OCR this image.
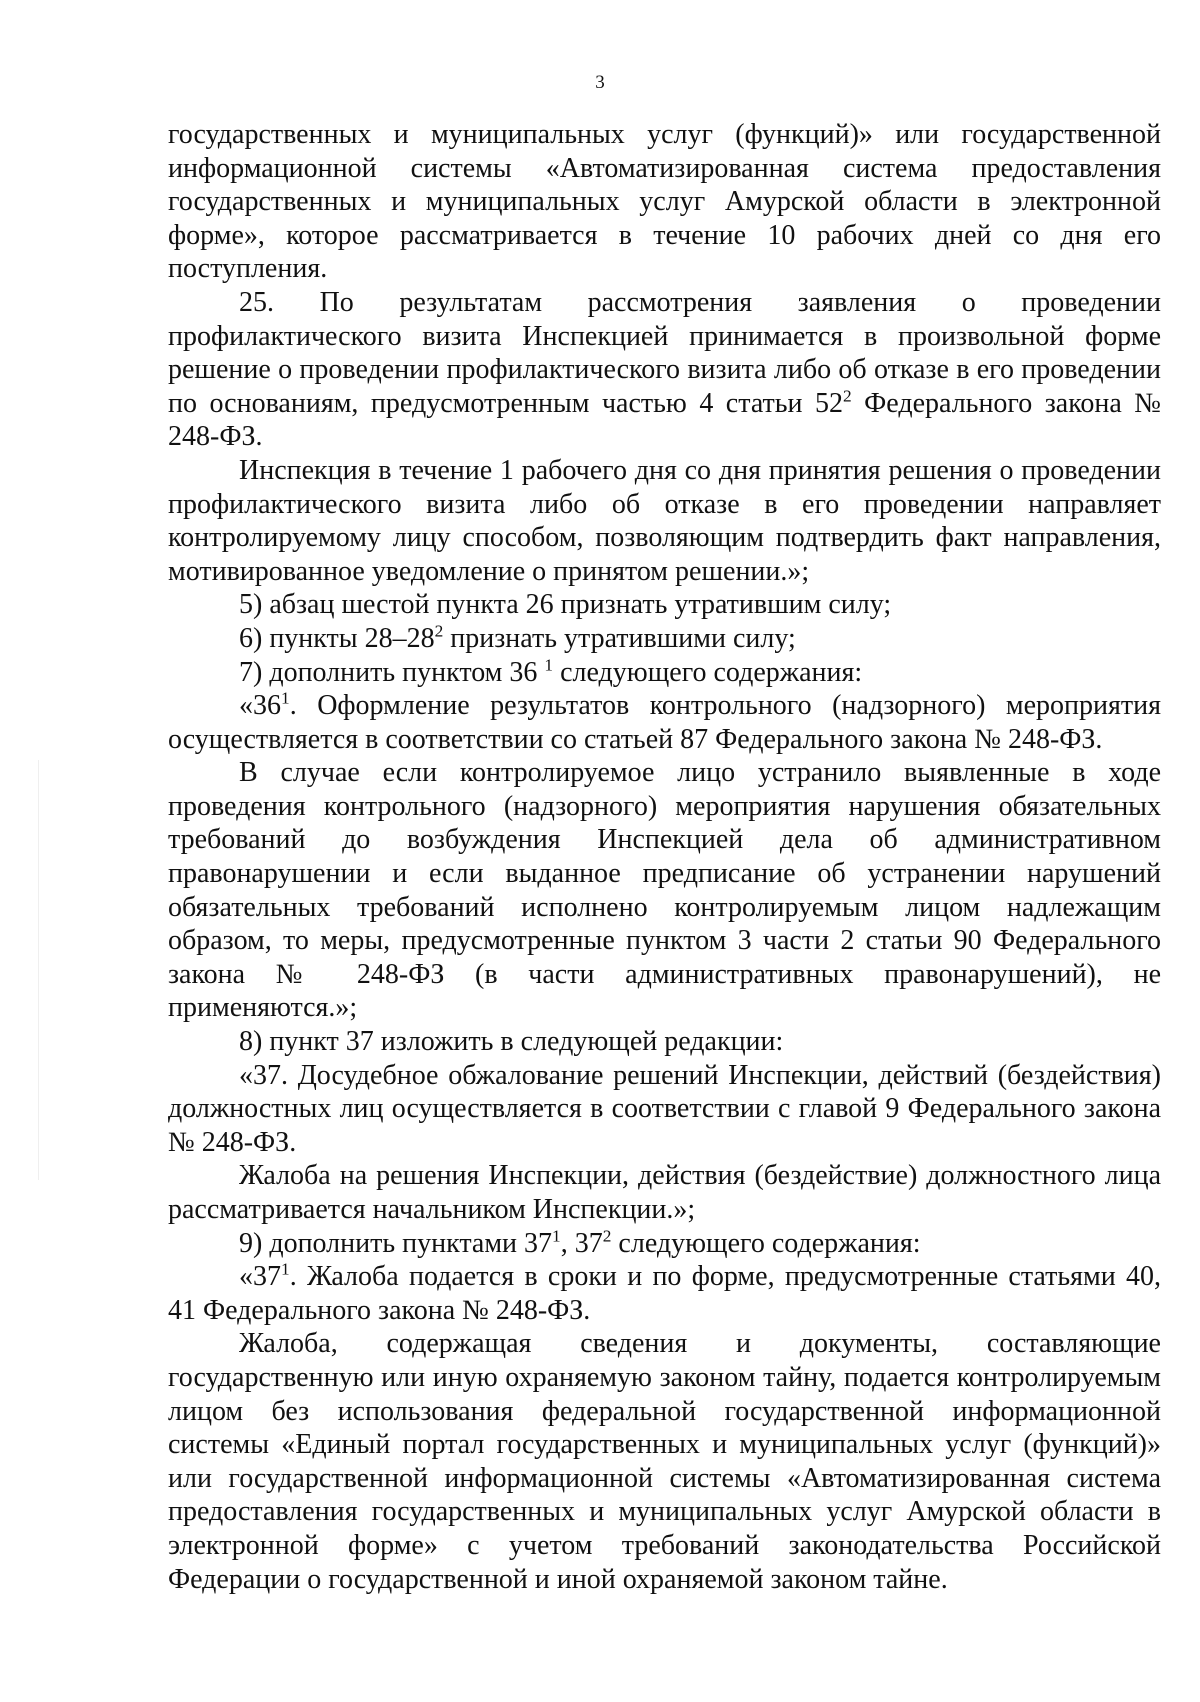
3

государственных и муниципальных услуг (функций)» или государственной информационной системы «Автоматизированная система предоставления государственных и муниципальных услуг Амурской области в электронной форме», которое рассматривается в течение 10 рабочих дней со дня его поступления.

25. По результатам рассмотрения заявления о проведении профилактического визита Инспекцией принимается в произвольной форме решение о проведении профилактического визита либо об отказе в его проведении по основаниям, предусмотренным частью 4 статьи $52^2$ Федерального закона № 248-ФЗ.

Инспекция в течение 1 рабочего дня со дня принятия решения о проведении профилактического визита либо об отказе в его проведении направляет контролируемому лицу способом, позволяющим подтвердить факт направления, мотивированное уведомление о принятом решении.»;

5) абзац шестой пункта 26 признать утратившим силу;

6) пункты $28-28^2$ признать утратившими силу;

7) дополнить пунктом 36 $^1$ следующего содержания:

«$36^1$. Оформление результатов контрольного (надзорного) мероприятия осуществляется в соответствии со статьей 87 Федерального закона № 248-ФЗ.

В случае если контролируемое лицо устранило выявленные в ходе проведения контрольного (надзорного) мероприятия нарушения обязательных требований до возбуждения Инспекцией дела об административном правонарушении и если выданное предписание об устранении нарушений обязательных требований исполнено контролируемым лицом надлежащим образом, то меры, предусмотренные пунктом 3 части 2 статьи 90 Федерального закона № 248-ФЗ (в части административных правонарушений), не применяются.»;

8) пункт 37 изложить в следующей редакции:

«37. Досудебное обжалование решений Инспекции, действий (бездействия) должностных лиц осуществляется в соответствии с главой 9 Федерального закона № 248-ФЗ.

Жалоба на решения Инспекции, действия (бездействие) должностного лица рассматривается начальником Инспекции.»;

9) дополнить пунктами $37^1$, $37^2$ следующего содержания:

«$37^1$. Жалоба подается в сроки и по форме, предусмотренные статьями 40, 41 Федерального закона № 248-ФЗ.

Жалоба, содержащая сведения и документы, составляющие государственную или иную охраняемую законом тайну, подается контролируемым лицом без использования федеральной государственной информационной системы «Единый портал государственных и муниципальных услуг (функций)» или государственной информационной системы «Автоматизированная система предоставления государственных и муниципальных услуг Амурской области в электронной форме» с учетом требований законодательства Российской Федерации о государственной и иной охраняемой законом тайне.
